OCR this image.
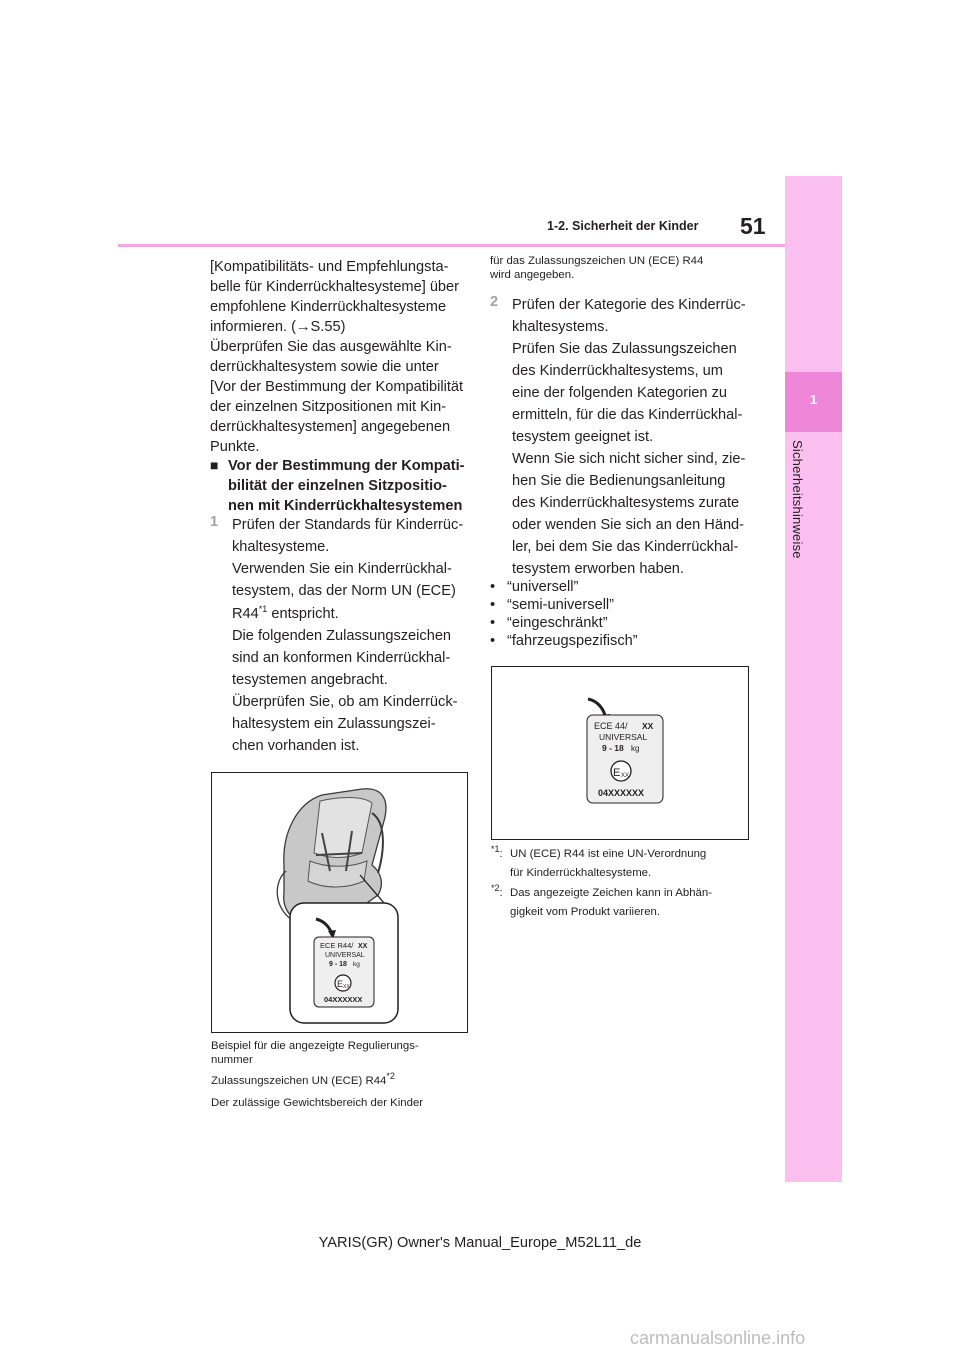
1
Sicherheitshinweise
1-2. Sicherheit der Kinder 51
[Kompatibilitäts- und Empfehlungsta-
belle für Kinderrückhaltesysteme] über
empfohlene Kinderrückhaltesysteme
informieren. (→S.55)
Überprüfen Sie das ausgewählte Kin-
derrückhaltesystem sowie die unter
[Vor der Bestimmung der Kompatibilität
der einzelnen Sitzpositionen mit Kin-
derrückhaltesystemen] angegebenen
Punkte.
■ Vor der Bestimmung der Kompati-
bilität der einzelnen Sitzpositio-
nen mit Kinderrückhaltesystemen
1 Prüfen der Standards für Kinderrüc-
khaltesysteme.
Verwenden Sie ein Kinderrückhal-
tesystem, das der Norm UN (ECE)
R44$^{*1}$ entspricht.
Die folgenden Zulassungszeichen
sind an konformen Kinderrückhal-
tesystemen angebracht.
Überprüfen Sie, ob am Kinderrück-
haltesystem ein Zulassungszei-
chen vorhanden ist.
ECE R44/ XX
UNIVERSAL
9 - 18 kg
E XX
04XXXXXX
Beispiel für die angezeigte Regulierungs-
nummer
Zulassungszeichen UN (ECE) R44$^{*2}$
Der zulässige Gewichtsbereich der Kinder
für das Zulassungszeichen UN (ECE) R44
wird angegeben.
2 Prüfen der Kategorie des Kinderrüc-
khaltesystems.
Prüfen Sie das Zulassungszeichen
des Kinderrückhaltesystems, um
eine der folgenden Kategorien zu
ermitteln, für die das Kinderrückhal-
tesystem geeignet ist.
Wenn Sie sich nicht sicher sind, zie-
hen Sie die Bedienungsanleitung
des Kinderrückhaltesystems zurate
oder wenden Sie sich an den Händ-
ler, bei dem Sie das Kinderrückhal-
tesystem erworben haben.
• “universell”
• “semi-universell”
• “eingeschränkt”
• “fahrzeugspezifisch”
ECE 44/ XX
UNIVERSAL
9 - 18 kg
E XX
04XXXXXX
$^{*1}$: UN (ECE) R44 ist eine UN-Verordnung
für Kinderrückhaltesysteme.
$^{*2}$: Das angezeigte Zeichen kann in Abhän-
gigkeit vom Produkt variieren.
YARIS(GR) Owner's Manual_Europe_M52L11_de
carmanualsonline.info
